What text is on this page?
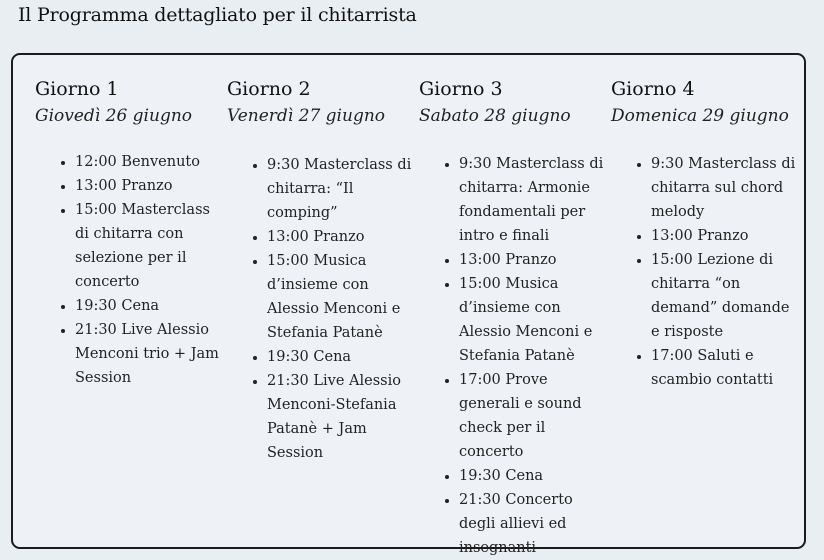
Il Programma dettagliato per il chitarrista
Giorno 1

Giovedì 26 giugno

• 12:00 Benvenuto
• 13:00 Pranzo
• 15:00 Masterclass di chitarra con selezione per il concerto
• 19:30 Cena
• 21:30 Live Alessio Menconi trio + Jam Session
Giorno 2

Venerdì 27 giugno

• 9:30 Masterclass di chitarra: “Il comping”
• 13:00 Pranzo
• 15:00 Musica d’insieme con Alessio Menconi e Stefania Patanè
• 19:30 Cena
• 21:30 Live Alessio Menconi-Stefania Patanè + Jam Session
Giorno 3

Sabato 28 giugno

• 9:30 Masterclass di chitarra: Armonie fondamentali per intro e finali
• 13:00 Pranzo
• 15:00 Musica d’insieme con Alessio Menconi e Stefania Patanè
• 17:00 Prove generali e sound check per il concerto
• 19:30 Cena
• 21:30 Concerto degli allievi ed insegnanti
Giorno 4

Domenica 29 giugno

• 9:30 Masterclass di chitarra sul chord melody
• 13:00 Pranzo
• 15:00 Lezione di chitarra “on demand” domande e risposte
• 17:00 Saluti e scambio contatti
